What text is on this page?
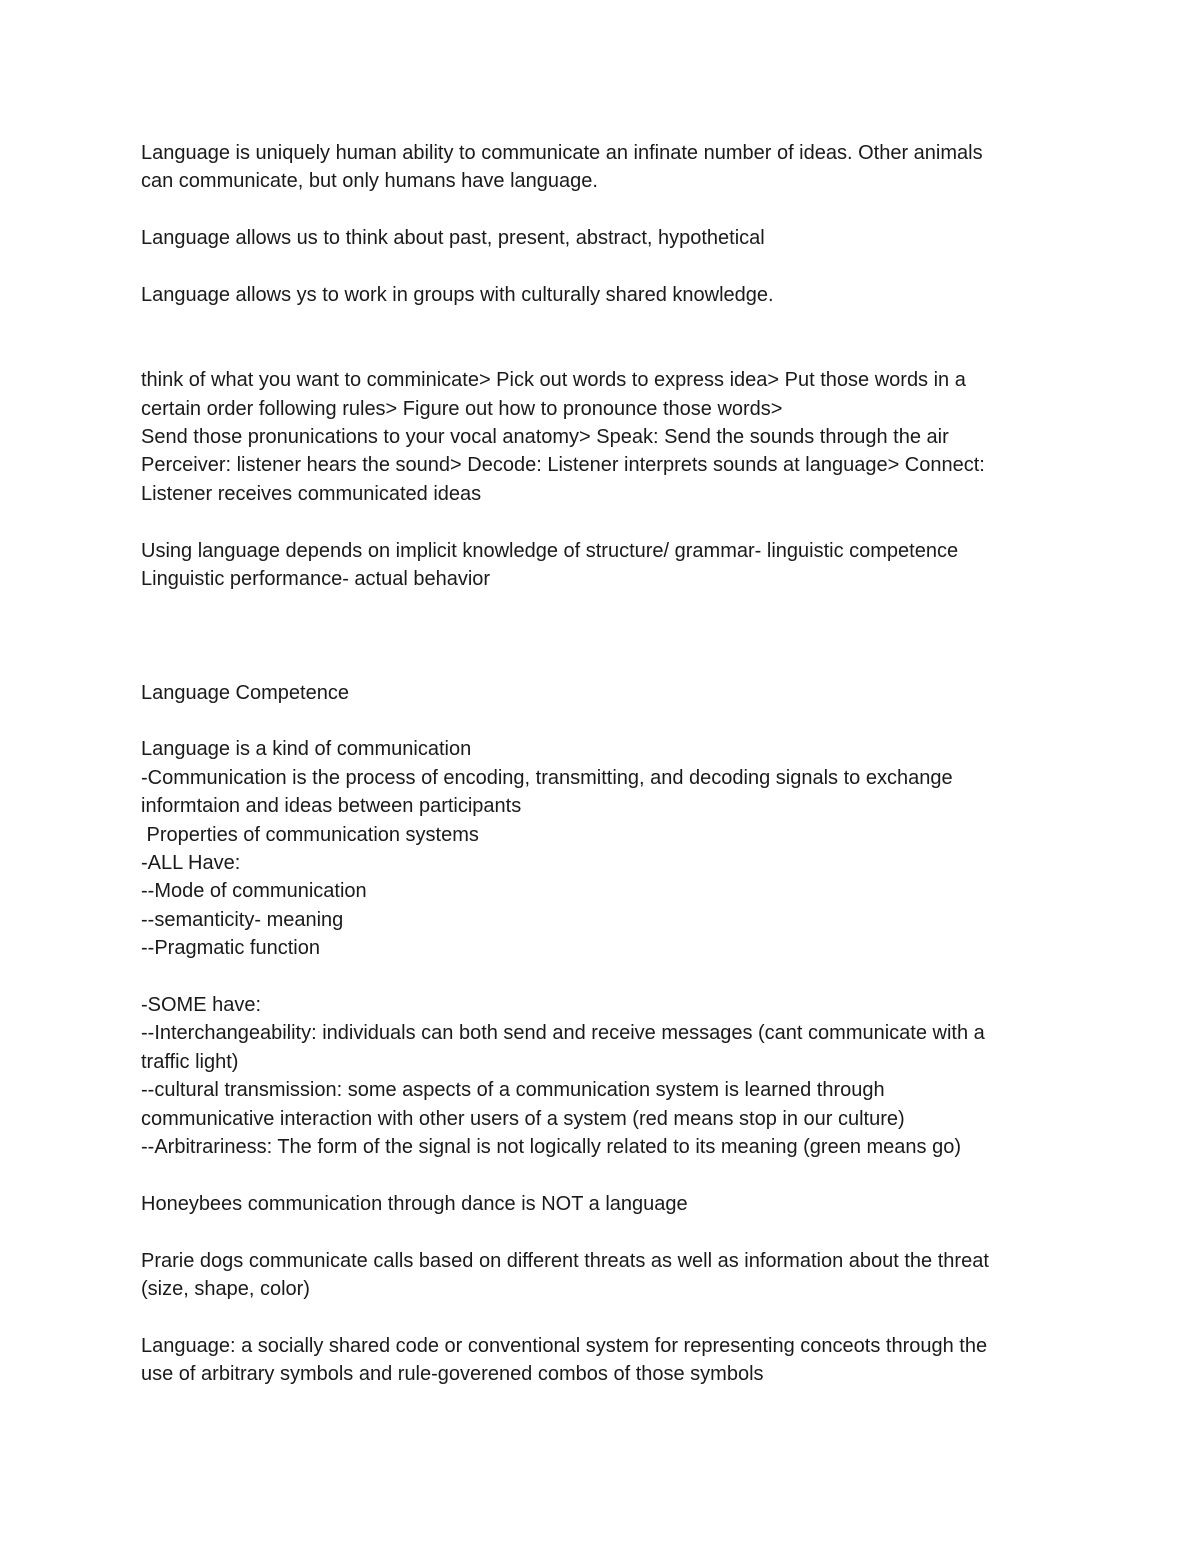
Language is uniquely human ability to communicate an infinate number of ideas. Other animals
can communicate, but only humans have language.
Language allows us to think about past, present, abstract, hypothetical
Language allows ys to work in groups with culturally shared knowledge.
think of what you want to comminicate> Pick out words to express idea> Put those words in a
certain order following rules> Figure out how to pronounce those words>
Send those pronunications to your vocal anatomy> Speak: Send the sounds through the air
Perceiver: listener hears the sound> Decode: Listener interprets sounds at language> Connect:
Listener receives communicated ideas
Using language depends on implicit knowledge of structure/ grammar- linguistic competence
Linguistic performance- actual behavior
Language Competence
Language is a kind of communication
-Communication is the process of encoding, transmitting, and decoding signals to exchange
informtaion and ideas between participants
Properties of communication systems
-ALL Have:
--Mode of communication
--semanticity- meaning
--Pragmatic function
-SOME have:
--Interchangeability: individuals can both send and receive messages (cant communicate with a
traffic light)
--cultural transmission: some aspects of a communication system is learned through
communicative interaction with other users of a system (red means stop in our culture)
--Arbitrariness: The form of the signal is not logically related to its meaning (green means go)
Honeybees communication through dance is NOT a language
Prarie dogs communicate calls based on different threats as well as information about the threat
(size, shape, color)
Language: a socially shared code or conventional system for representing conceots through the
use of arbitrary symbols and rule-goverened combos of those symbols
